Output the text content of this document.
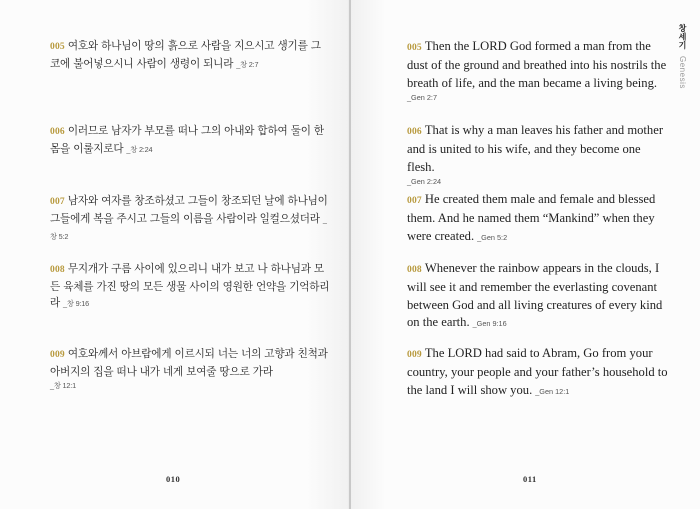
005 여호와 하나님이 땅의 흙으로 사람을 지으시고 생기를 그 코에 불어넣으시니 사람이 생령이 되니라 _창 2:7
006 이러므로 남자가 부모를 떠나 그의 아내와 합하여 둘이 한 몸을 이룰지로다 _창 2:24
007 남자와 여자를 창조하셨고 그들이 창조되던 날에 하나님이 그들에게 복을 주시고 그들의 이름을 사람이라 일컬으셨더라 _창 5:2
008 무지개가 구름 사이에 있으리니 내가 보고 나 하나님과 모든 육체를 가진 땅의 모든 생물 사이의 영원한 언약을 기억하리라 _창 9:16
009 여호와께서 아브람에게 이르시되 너는 너의 고향과 친척과 아버지의 집을 떠나 내가 네게 보여줄 땅으로 가라
_창 12:1
010
005 Then the LORD God formed a man from the dust of the ground and breathed into his nostrils the breath of life, and the man became a living being.
_Gen 2:7
006 That is why a man leaves his father and mother and is united to his wife, and they become one flesh.
_Gen 2:24
007 He created them male and female and blessed them. And he named them “Mankind” when they were created. _Gen 5:2
008 Whenever the rainbow appears in the clouds, I will see it and remember the everlasting covenant between God and all living creatures of every kind on the earth. _Gen 9:16
009 The LORD had said to Abram, Go from your country, your people and your father’s household to the land I will show you. _Gen 12:1
011
창세기 Genesis
